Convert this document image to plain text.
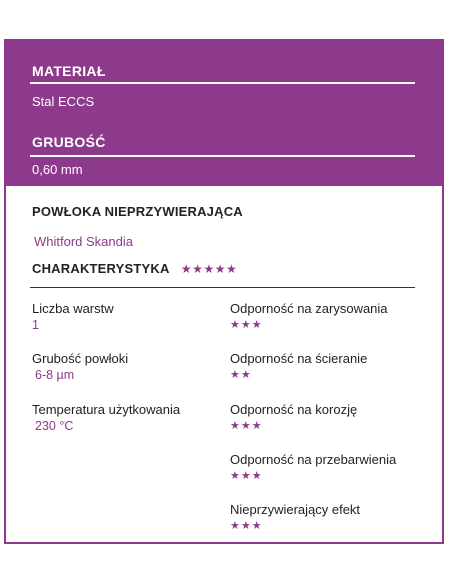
MATERIAŁ
Stal ECCS
GRUBOŚĆ
0,60 mm
POWŁOKA NIEPRZYWIERAJĄCA
Whitford Skandia
CHARAKTERYSTYKA ★★★★★
Liczba warstw
1
Grubość powłoki
6-8 µm
Temperatura użytkowania
230 °C
Odporność na zarysowania
★★★
Odporność na ścieranie
★★
Odporność na korozję
★★★
Odporność na przebarwienia
★★★
Nieprzywierający efekt
★★★
